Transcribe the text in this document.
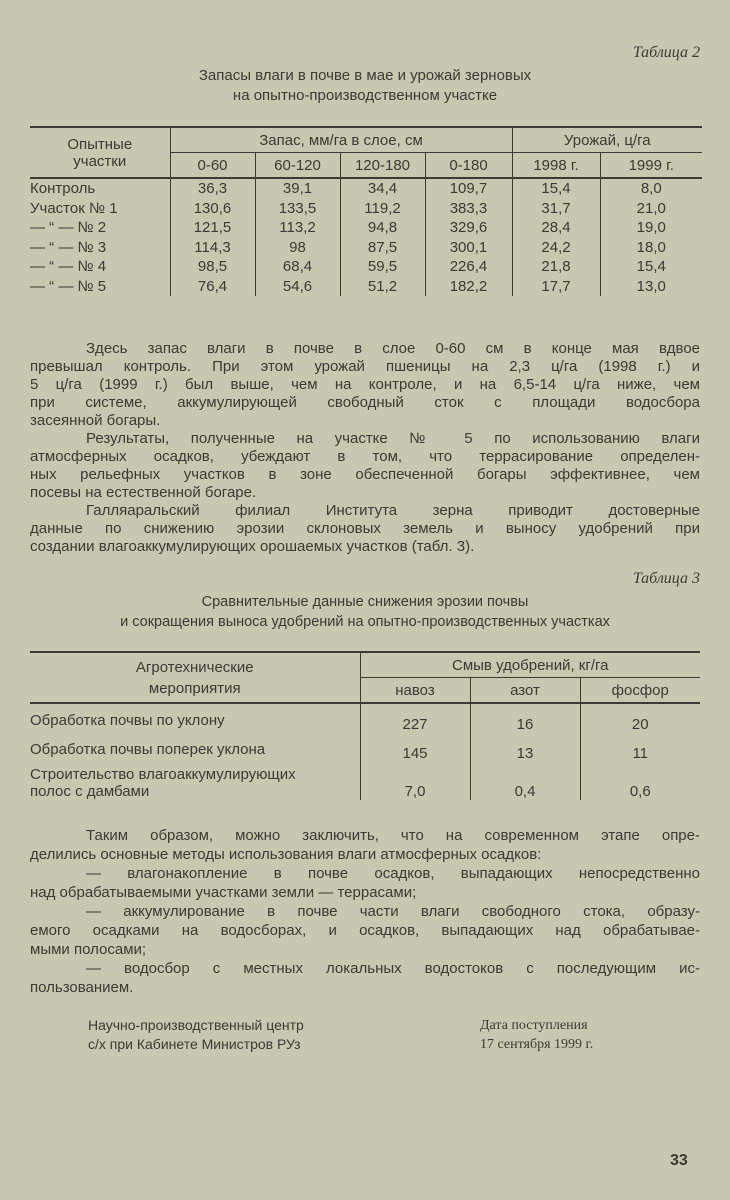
Таблица 2
Запасы влаги в почве в мае и урожай зерновых
на опытно-производственном участке
Опытные
участки	Запас, мм/га в слое, см				Урожай, ц/га	
	0-60	60-120	120-180	0-180	1998 г.	1999 г.
Контроль	36,3	39,1	34,4	109,7	15,4	8,0
Участок № 1	130,6	133,5	119,2	383,3	31,7	21,0
— “ — № 2	121,5	113,2	94,8	329,6	28,4	19,0
— “ — № 3	114,3	98	87,5	300,1	24,2	18,0
— “ — № 4	98,5	68,4	59,5	226,4	21,8	15,4
— “ — № 5	76,4	54,6	51,2	182,2	17,7	13,0
Здесь запас влаги в почве в слое 0-60 см в конце мая вдвое
превышал контроль. При этом урожай пшеницы на 2,3 ц/га (1998 г.) и
5 ц/га (1999 г.) был выше, чем на контроле, и на 6,5-14 ц/га ниже, чем
при системе, аккумулирующей свободный сток с площади водосбора
засеянной богары.
Результаты, полученные на участке № 5 по использованию влаги
атмосферных осадков, убеждают в том, что террасирование определен-
ных рельефных участков в зоне обеспеченной богары эффективнее, чем
посевы на естественной богаре.
Галляаральский филиал Института зерна приводит достоверные
данные по снижению эрозии склоновых земель и выносу удобрений при
создании влагоаккумулирующих орошаемых участков (табл. 3).
Таблица 3
Сравнительные данные снижения эрозии почвы
и сокращения выноса удобрений на опытно-производственных участках
Агротехнические
мероприятия	Смыв удобрений, кг/га		
	навоз	азот	фосфор

Обработка почвы по уклону	227	16	20

Обработка почвы поперек уклона	145	13	11

Строительство влагоаккумулирующих
полос с дамбами	7,0	0,4	0,6
Таким образом, можно заключить, что на современном этапе опре-
делились основные методы использования влаги атмосферных осадков:
— влагонакопление в почве осадков, выпадающих непосредственно
над обрабатываемыми участками земли — террасами;
— аккумулирование в почве части влаги свободного стока, образу-
емого осадками на водосборах, и осадков, выпадающих над обрабатывае-
мыми полосами;
— водосбор с местных локальных водостоков с последующим ис-
пользованием.
Научно-производственный центр
с/х при Кабинете Министров РУз
Дата поступления
17 сентября 1999 г.
33
